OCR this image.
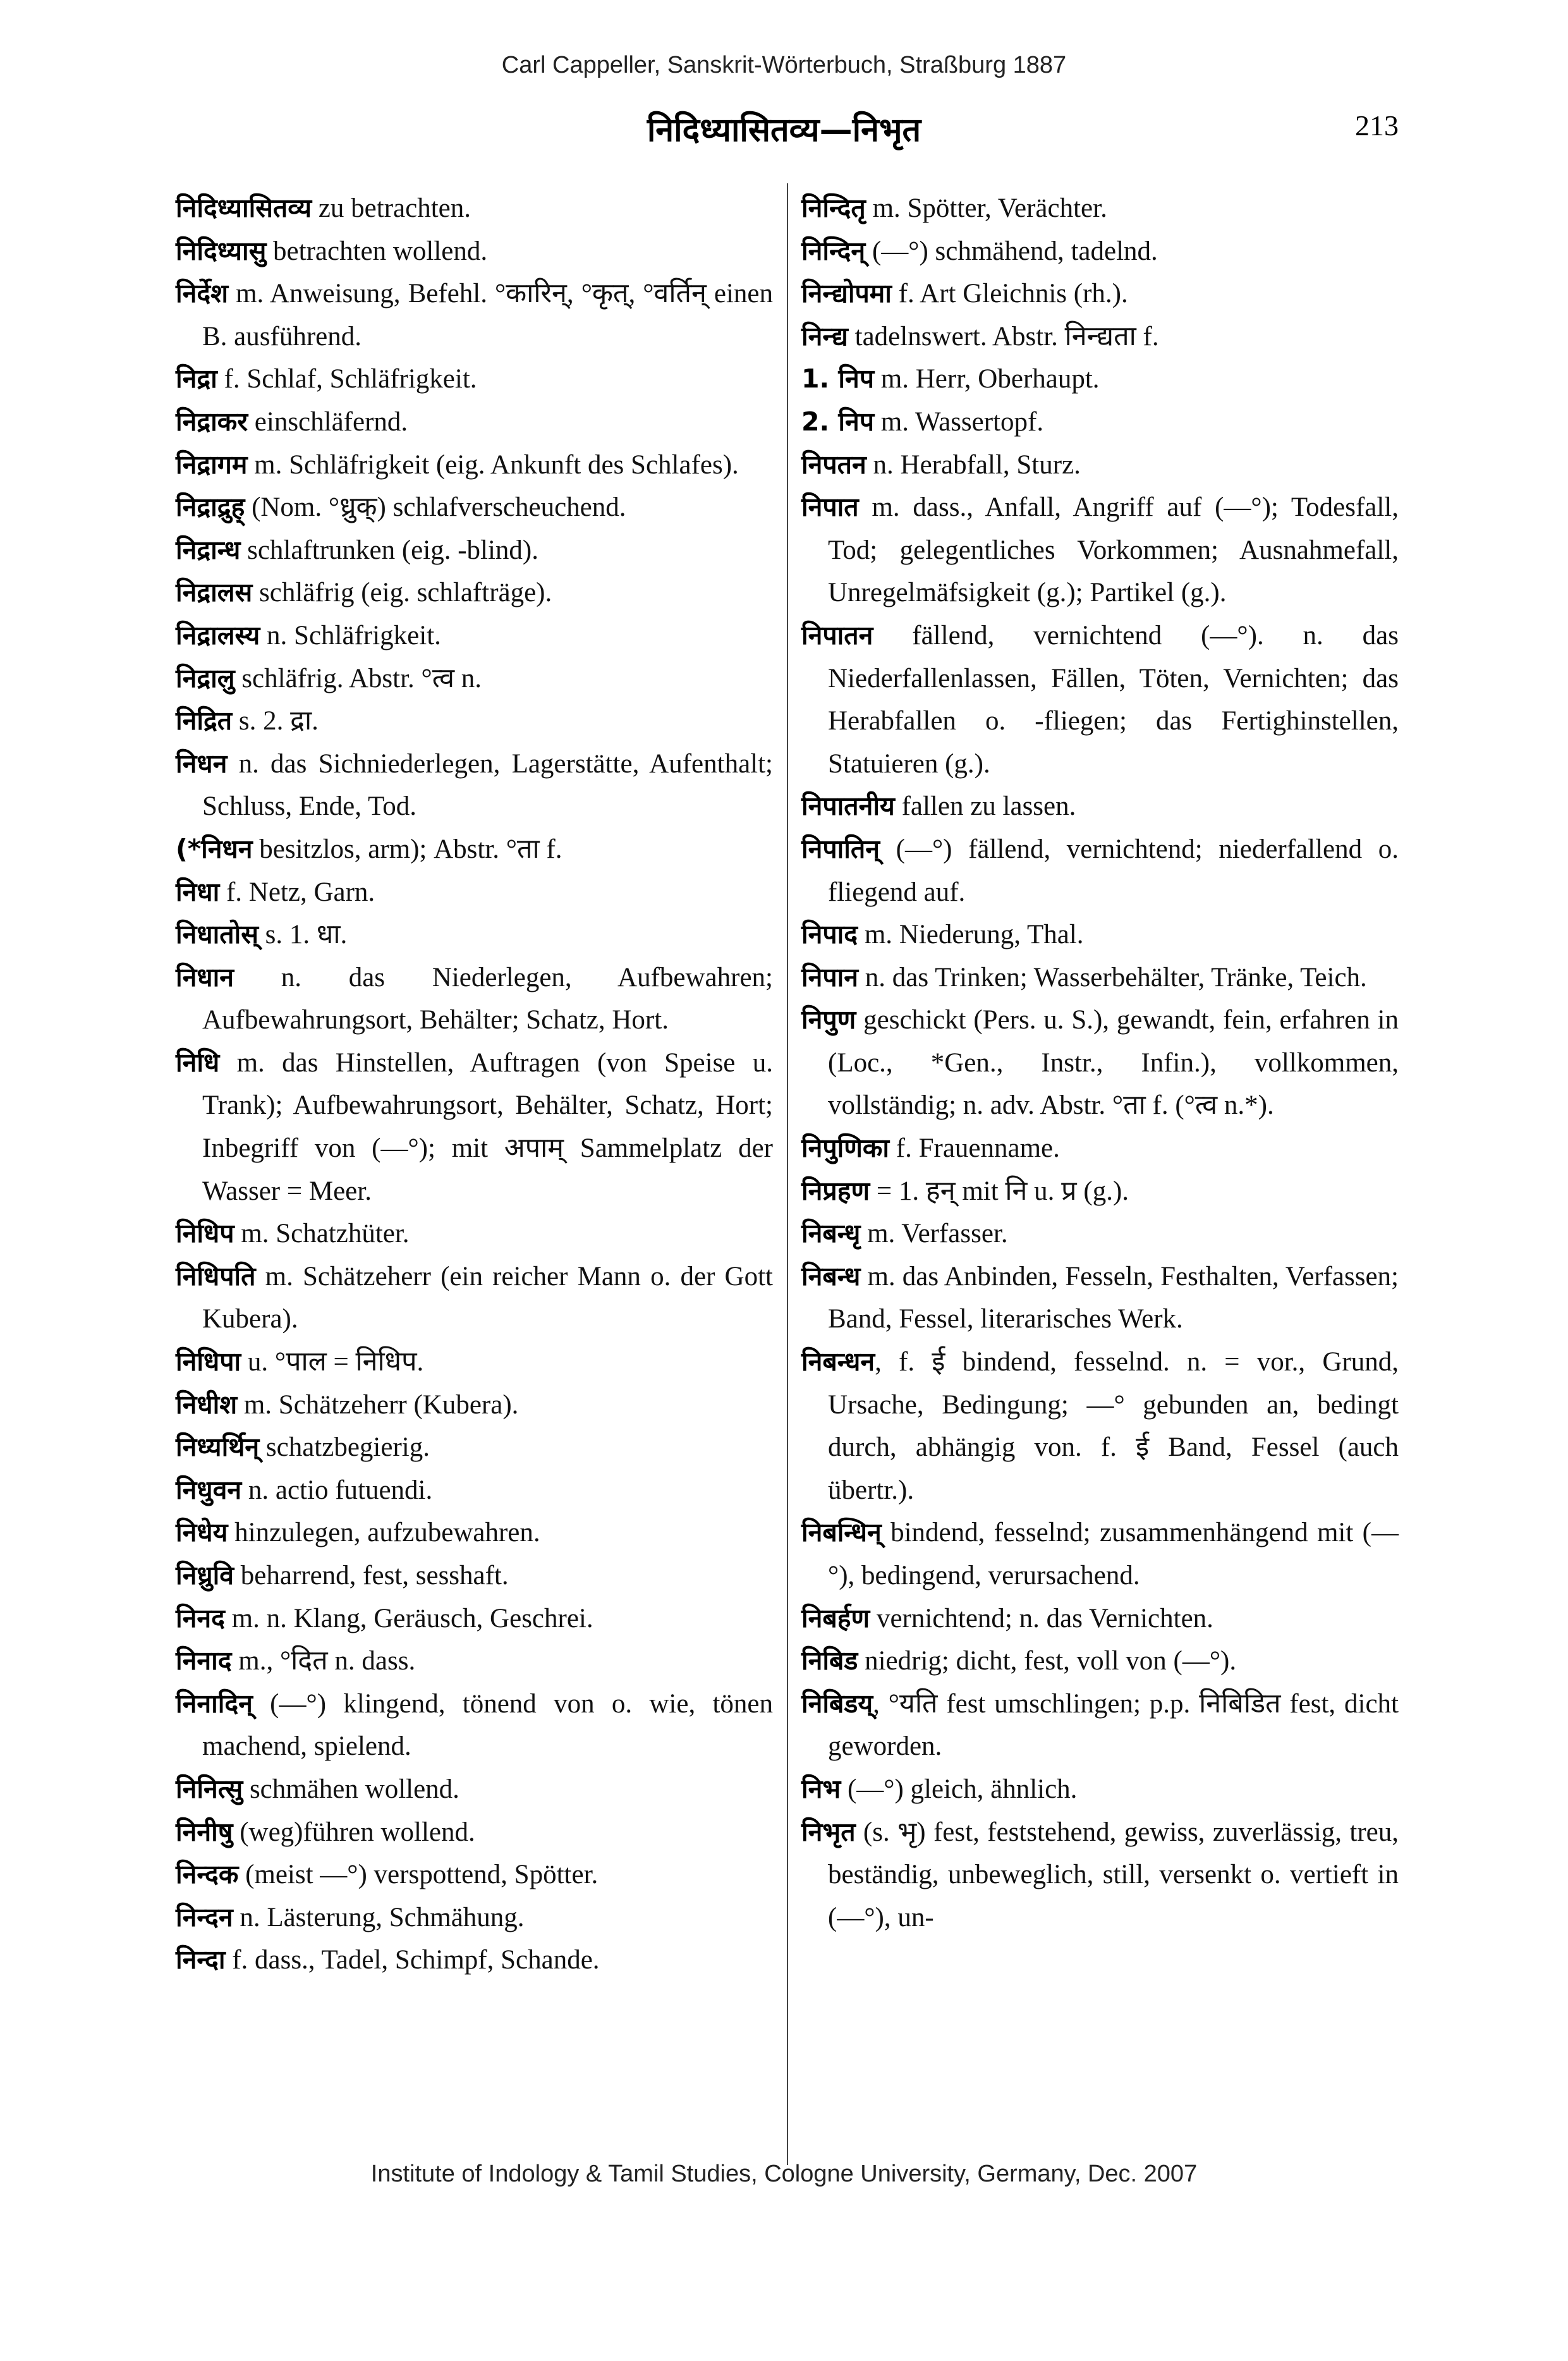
Carl Cappeller, Sanskrit-Wörterbuch, Straßburg 1887
निदिध्यासितव्य—निभृत	213

निदिध्यासितव्य zu betrachten.

निदिध्यासु betrachten wollend.

निर्देश m. Anweisung, Befehl. °कारिन्, °कृत्, °वर्तिन् einen B. ausführend.

निद्रा f. Schlaf, Schläfrigkeit.

निद्राकर einschläfernd.

निद्रागम m. Schläfrigkeit (eig. Ankunft des Schlafes).

निद्राद्रुह् (Nom. °ध्रुक्) schlafverscheuchend.

निद्रान्ध schlaftrunken (eig. -blind).

निद्रालस schläfrig (eig. schlafträge).

निद्रालस्य n. Schläfrigkeit.

निद्रालु schläfrig. Abstr. °त्व n.

निद्रित s. 2. द्रा.

निधन n. das Sichniederlegen, Lagerstätte, Aufenthalt; Schluss, Ende, Tod.

(*निधन besitzlos, arm); Abstr. °ता f.

निधा f. Netz, Garn.

निधातोस् s. 1. धा.

निधान n. das Niederlegen, Aufbewahren; Aufbewahrungsort, Behälter; Schatz, Hort.

निधि m. das Hinstellen, Auftragen (von Speise u. Trank); Aufbewahrungsort, Behälter, Schatz, Hort; Inbegriff von (—°); mit अपाम् Sammelplatz der Wasser = Meer.

निधिप m. Schatzhüter.

निधिपति m. Schätzeherr (ein reicher Mann o. der Gott Kubera).

निधिपा u. °पाल = निधिप.

निधीश m. Schätzeherr (Kubera).

निध्यर्थिन् schatzbegierig.

निधुवन n. actio futuendi.

निधेय hinzulegen, aufzubewahren.

निध्रुवि beharrend, fest, sesshaft.

निनद m. n. Klang, Geräusch, Geschrei.

निनाद m., °दित n. dass.

निनादिन् (—°) klingend, tönend von o. wie, tönen machend, spielend.

निनित्सु schmähen wollend.

निनीषु (weg)führen wollend.

निन्दक (meist —°) verspottend, Spötter.

निन्दन n. Lästerung, Schmähung.

निन्दा f. dass., Tadel, Schimpf, Schande.

निन्दितृ m. Spötter, Verächter.

निन्दिन् (—°) schmähend, tadelnd.

निन्द्योपमा f. Art Gleichnis (rh.).

निन्द्य tadelnswert. Abstr. निन्द्यता f.

1. निप m. Herr, Oberhaupt.

2. निप m. Wassertopf.

निपतन n. Herabfall, Sturz.

निपात m. dass., Anfall, Angriff auf (—°); Todesfall, Tod; gelegentliches Vorkommen; Ausnahmefall, Unregelmäfsigkeit (g.); Partikel (g.).

निपातन fällend, vernichtend (—°). n. das Niederfallenlassen, Fällen, Töten, Vernichten; das Herabfallen o. -fliegen; das Fertighinstellen, Statuieren (g.).

निपातनीय fallen zu lassen.

निपातिन् (—°) fällend, vernichtend; niederfallend o. fliegend auf.

निपाद m. Niederung, Thal.

निपान n. das Trinken; Wasserbehälter, Tränke, Teich.

निपुण geschickt (Pers. u. S.), gewandt, fein, erfahren in (Loc., *Gen., Instr., Infin.), vollkommen, vollständig; n. adv. Abstr. °ता f. (°त्व n.*).

निपुणिका f. Frauenname.

निप्रहण = 1. हन् mit नि u. प्र (g.).

निबन्धृ m. Verfasser.

निबन्ध m. das Anbinden, Fesseln, Festhalten, Verfassen; Band, Fessel, literarisches Werk.

निबन्धन, f. ई bindend, fesselnd. n. = vor., Grund, Ursache, Bedingung; —° gebunden an, bedingt durch, abhängig von. f. ई Band, Fessel (auch übertr.).

निबन्धिन् bindend, fesselnd; zusammenhängend mit (—°), bedingend, verursachend.

निबर्हण vernichtend; n. das Vernichten.

निबिड niedrig; dicht, fest, voll von (—°).

निबिडय्, °यति fest umschlingen; p.p. निबिडित fest, dicht geworden.

निभ (—°) gleich, ähnlich.

निभृत (s. भृ) fest, feststehend, gewiss, zuverlässig, treu, beständig, unbeweglich, still, versenkt o. vertieft in (—°), un-

Institute of Indology & Tamil Studies, Cologne University, Germany, Dec. 2007
